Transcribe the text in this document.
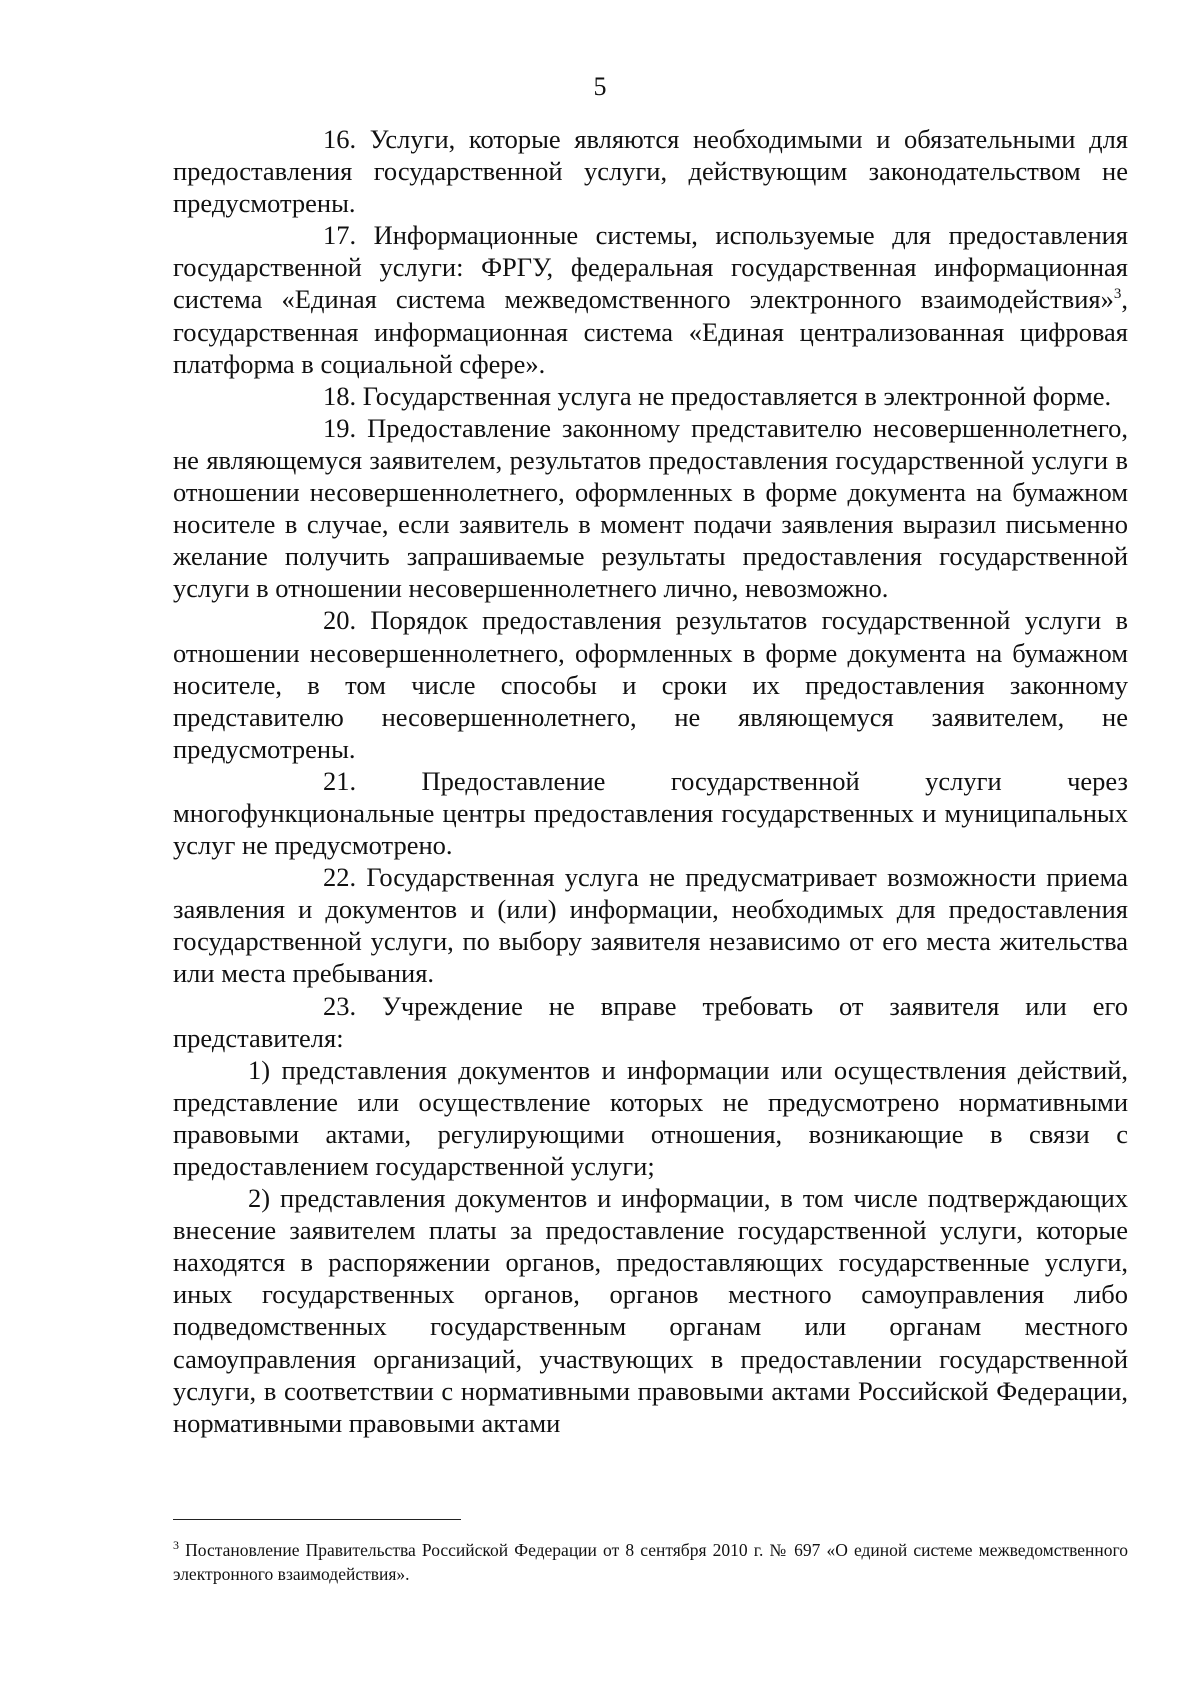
5

16. Услуги, которые являются необходимыми и обязательными для предоставления государственной услуги, действующим законодательством не предусмотрены.

17. Информационные системы, используемые для предоставления государственной услуги: ФРГУ, федеральная государственная информационная система «Единая система межведомственного электронного взаимодействия»$^3$, государственная информационная система «Единая централизованная цифровая платформа в социальной сфере».

18. Государственная услуга не предоставляется в электронной форме.

19. Предоставление законному представителю несовершеннолетнего, не являющемуся заявителем, результатов предоставления государственной услуги в отношении несовершеннолетнего, оформленных в форме документа на бумажном носителе в случае, если заявитель в момент подачи заявления выразил письменно желание получить запрашиваемые результаты предоставления государственной услуги в отношении несовершеннолетнего лично, невозможно.

20. Порядок предоставления результатов государственной услуги в отношении несовершеннолетнего, оформленных в форме документа на бумажном носителе, в том числе способы и сроки их предоставления законному представителю несовершеннолетнего, не являющемуся заявителем, не предусмотрены.

21. Предоставление государственной услуги через многофункциональные центры предоставления государственных и муниципальных услуг не предусмотрено.

22. Государственная услуга не предусматривает возможности приема заявления и документов и (или) информации, необходимых для предоставления государственной услуги, по выбору заявителя независимо от его места жительства или места пребывания.

23. Учреждение не вправе требовать от заявителя или его представителя:

1) представления документов и информации или осуществления действий, представление или осуществление которых не предусмотрено нормативными правовыми актами, регулирующими отношения, возникающие в связи с предоставлением государственной услуги;

2) представления документов и информации, в том числе подтверждающих внесение заявителем платы за предоставление государственной услуги, которые находятся в распоряжении органов, предоставляющих государственные услуги, иных государственных органов, органов местного самоуправления либо подведомственных государственным органам или органам местного самоуправления организаций, участвующих в предоставлении государственной услуги, в соответствии с нормативными правовыми актами Российской Федерации, нормативными правовыми актами

$^3$ Постановление Правительства Российской Федерации от 8 сентября 2010 г. № 697 «О единой системе межведомственного электронного взаимодействия».
